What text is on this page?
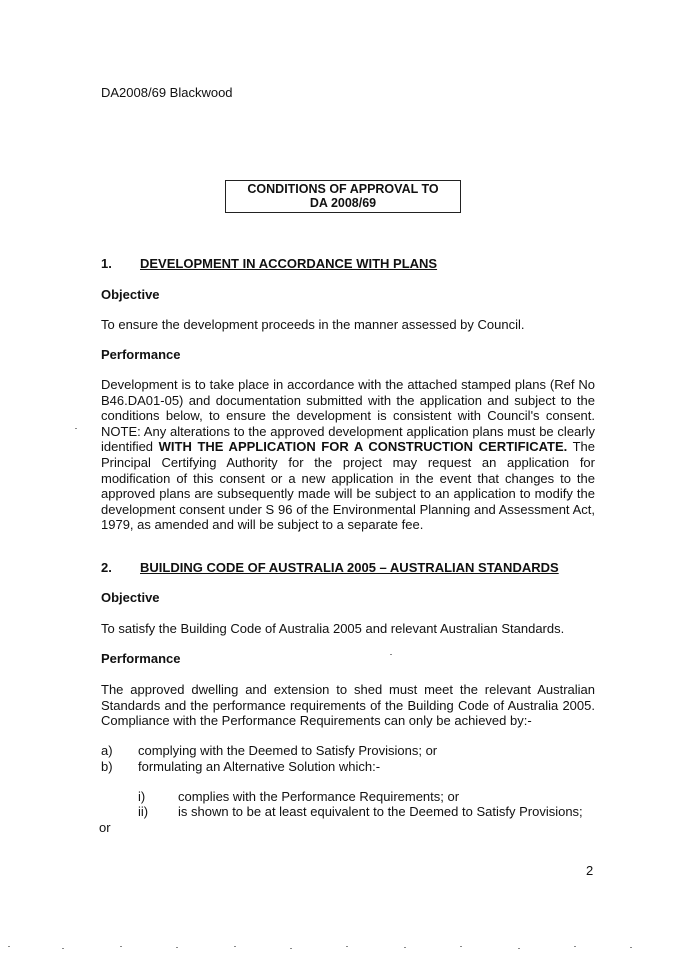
DA2008/69 Blackwood
CONDITIONS OF APPROVAL TO
DA 2008/69
1. DEVELOPMENT IN ACCORDANCE WITH PLANS
Objective
To ensure the development proceeds in the manner assessed by Council.
Performance
Development is to take place in accordance with the attached stamped plans (Ref No B46.DA01-05) and documentation submitted with the application and subject to the conditions below, to ensure the development is consistent with Council's consent. NOTE: Any alterations to the approved development application plans must be clearly identified WITH THE APPLICATION FOR A CONSTRUCTION CERTIFICATE. The Principal Certifying Authority for the project may request an application for modification of this consent or a new application in the event that changes to the approved plans are subsequently made will be subject to an application to modify the development consent under S 96 of the Environmental Planning and Assessment Act, 1979, as amended and will be subject to a separate fee.
2. BUILDING CODE OF AUSTRALIA 2005 – AUSTRALIAN STANDARDS
Objective
To satisfy the Building Code of Australia 2005 and relevant Australian Standards.
Performance
The approved dwelling and extension to shed must meet the relevant Australian Standards and the performance requirements of the Building Code of Australia 2005. Compliance with the Performance Requirements can only be achieved by:-
a) complying with the Deemed to Satisfy Provisions; or
b) formulating an Alternative Solution which:-
i)	complies with the Performance Requirements; or
ii) is shown to be at least equivalent to the Deemed to Satisfy Provisions;
or
2
